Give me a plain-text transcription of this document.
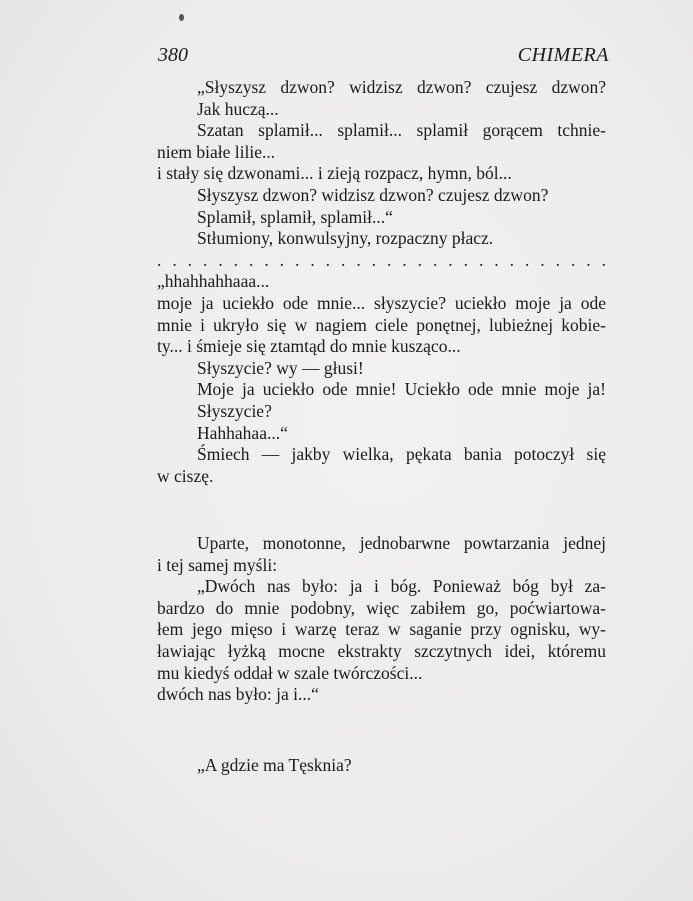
380	CHIMERA
„Słyszysz dzwon? widzisz dzwon? czujesz dzwon?
Jak huczą...
Szatan splamił... splamił... splamił gorącem tchnie-
niem białe lilie...
i stały się dzwonami... i zieją rozpacz, hymn, ból...
Słyszysz dzwon? widzisz dzwon? czujesz dzwon?
Splamił, splamił, splamił...“
Stłumiony, konwulsyjny, rozpaczny płacz.
. . . . . . . . . . . . . . . . . . . . . . . . . . . . . .
„hhahhahhaaa...
moje ja uciekło ode mnie... słyszycie? uciekło moje ja ode
mnie i ukryło się w nagiem ciele ponętnej, lubieżnej kobie-
ty... i śmieje się ztamtąd do mnie kusząco...
Słyszycie? wy — głusi!
Moje ja uciekło ode mnie! Uciekło ode mnie moje ja!
Słyszycie?
Hahhahaa...“
Śmiech — jakby wielka, pękata bania potoczył się
w ciszę.
Uparte, monotonne, jednobarwne powtarzania jednej
i tej samej myśli:
„Dwóch nas było: ja i bóg. Ponieważ bóg był za-
bardzo do mnie podobny, więc zabiłem go, poćwiartowa-
łem jego mięso i warzę teraz w saganie przy ognisku, wy-
ławiając łyżką mocne ekstrakty szczytnych idei, któremu
mu kiedyś oddał w szale twórczości...
dwóch nas było: ja i...“
„A gdzie ma Tęsknia?
